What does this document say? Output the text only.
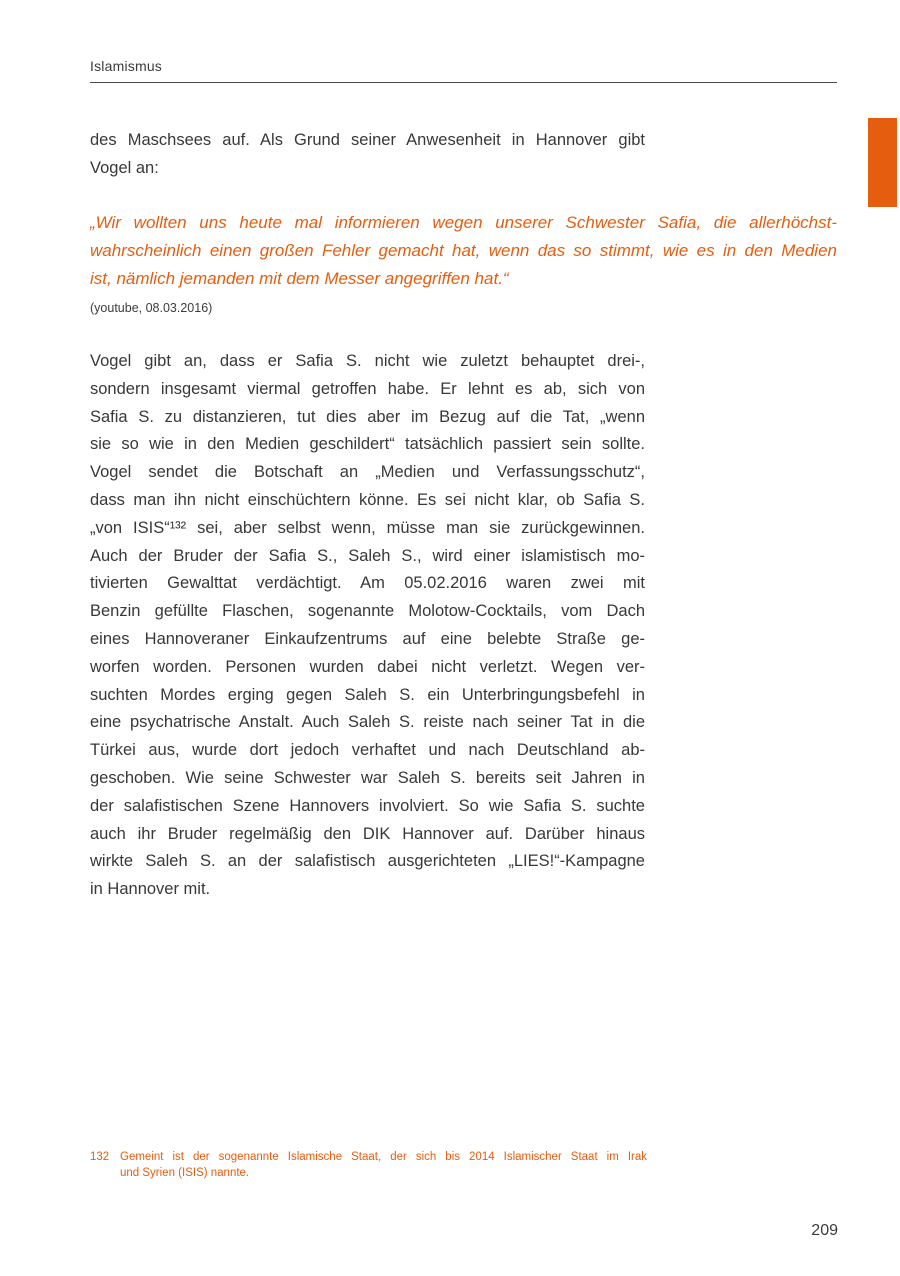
Islamismus
des Maschsees auf. Als Grund seiner Anwesenheit in Hannover gibt
Vogel an:
„Wir wollten uns heute mal informieren wegen unserer Schwester Safia, die allerhöchst-
wahrscheinlich einen großen Fehler gemacht hat, wenn das so stimmt, wie es in den Medien
ist, nämlich jemanden mit dem Messer angegriffen hat.“
(youtube, 08.03.2016)
Vogel gibt an, dass er Safia S. nicht wie zuletzt behauptet drei-,
sondern insgesamt viermal getroffen habe. Er lehnt es ab, sich von
Safia S. zu distanzieren, tut dies aber im Bezug auf die Tat, „wenn
sie so wie in den Medien geschildert“ tatsächlich passiert sein sollte.
Vogel sendet die Botschaft an „Medien und Verfassungsschutz“,
dass man ihn nicht einschüchtern könne. Es sei nicht klar, ob Safia S.
„von ISIS“¹³² sei, aber selbst wenn, müsse man sie zurückgewinnen.
Auch der Bruder der Safia S., Saleh S., wird einer islamistisch mo-
tivierten Gewalttat verdächtigt. Am 05.02.2016 waren zwei mit
Benzin gefüllte Flaschen, sogenannte Molotow-Cocktails, vom Dach
eines Hannoveraner Einkaufzentrums auf eine belebte Straße ge-
worfen worden. Personen wurden dabei nicht verletzt. Wegen ver-
suchten Mordes erging gegen Saleh S. ein Unterbringungsbefehl in
eine psychatrische Anstalt. Auch Saleh S. reiste nach seiner Tat in die
Türkei aus, wurde dort jedoch verhaftet und nach Deutschland ab-
geschoben. Wie seine Schwester war Saleh S. bereits seit Jahren in
der salafistischen Szene Hannovers involviert. So wie Safia S. suchte
auch ihr Bruder regelmäßig den DIK Hannover auf. Darüber hinaus
wirkte Saleh S. an der salafistisch ausgerichteten „LIES!“-Kampagne
in Hannover mit.
132 Gemeint ist der sogenannte Islamische Staat, der sich bis 2014 Islamischer Staat im Irak
und Syrien (ISIS) nannte.
209
